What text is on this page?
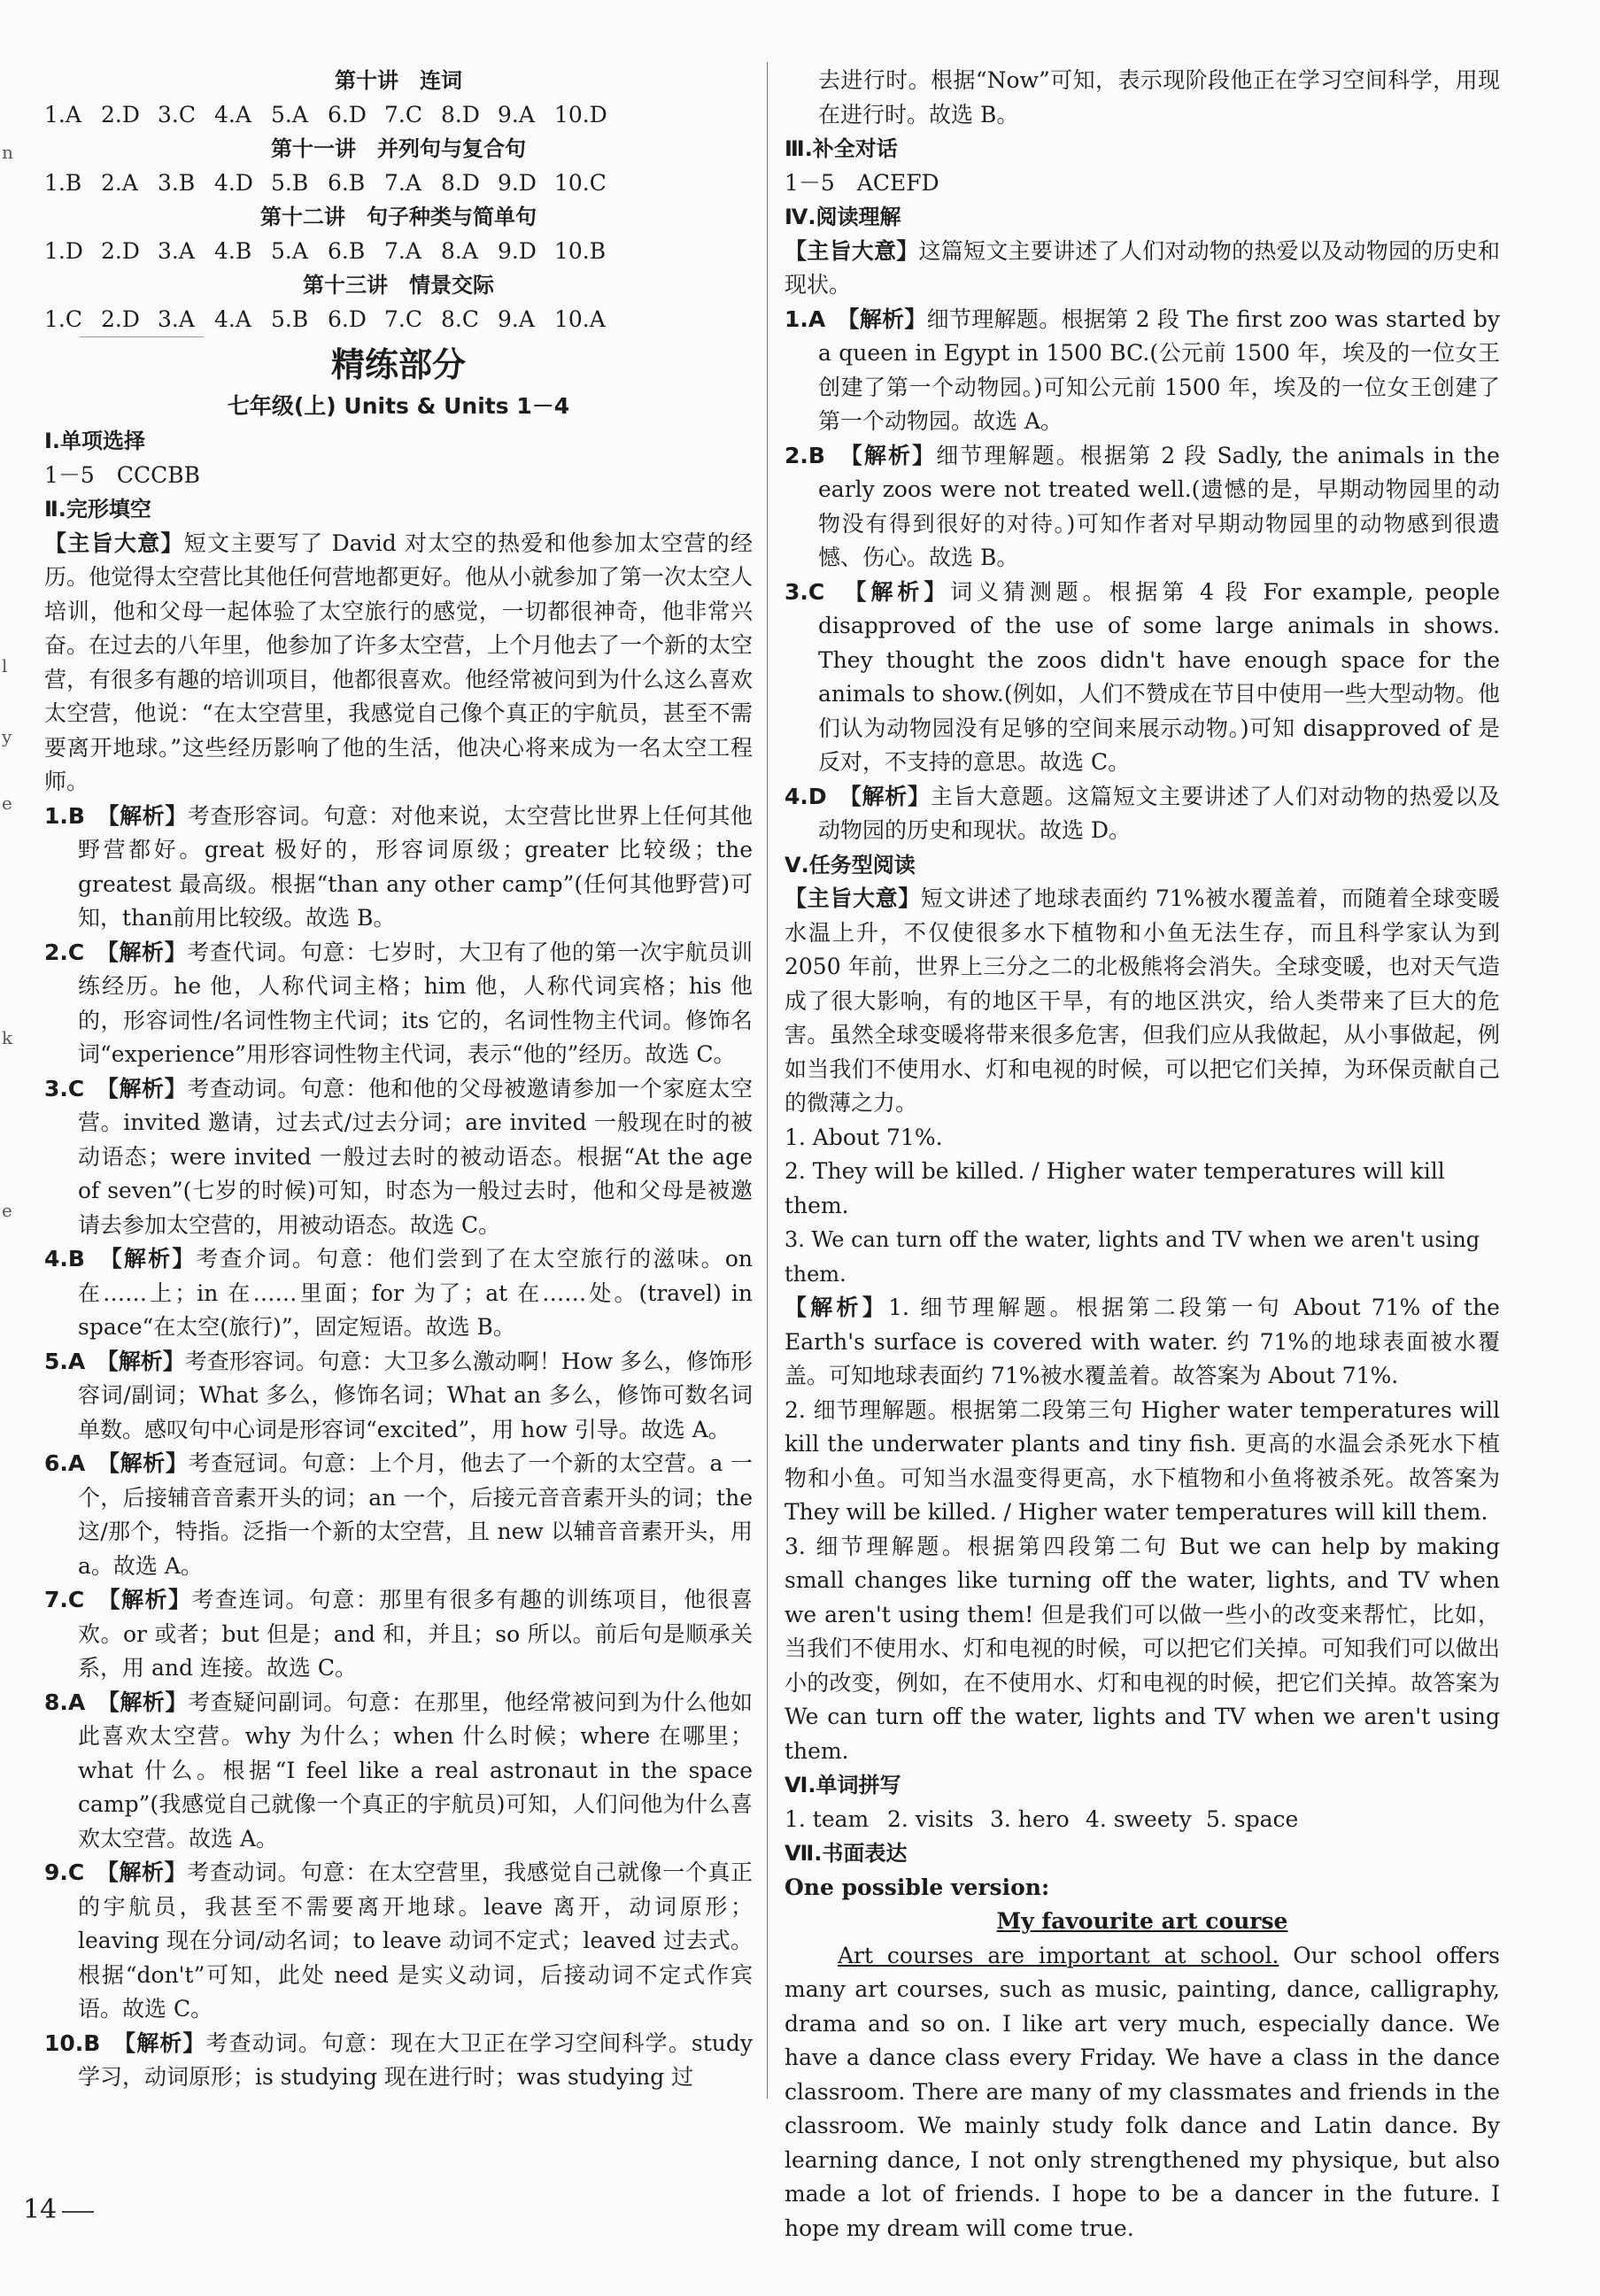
n
l
y
e
k
e

第十讲　连词

1.A 2.D 3.C 4.A 5.A 6.D 7.C 8.D 9.A 10.D

第十一讲　并列句与复合句

1.B 2.A 3.B 4.D 5.B 6.B 7.A 8.D 9.D 10.C

第十二讲　句子种类与简单句

1.D 2.D 3.A 4.B 5.A 6.B 7.A 8.A 9.D 10.B

第十三讲　情景交际

1.C 2.D 3.A 4.A 5.B 6.D 7.C 8.C 9.A 10.A

精练部分

七年级(上) Units & Units 1－4

Ⅰ.单项选择

1－5　CCCBB

Ⅱ.完形填空

【主旨大意】短文主要写了 David 对太空的热爱和他参加太空营的经历。他觉得太空营比其他任何营地都更好。他从小就参加了第一次太空人培训，他和父母一起体验了太空旅行的感觉，一切都很神奇，他非常兴奋。在过去的八年里，他参加了许多太空营，上个月他去了一个新的太空营，有很多有趣的培训项目，他都很喜欢。他经常被问到为什么这么喜欢太空营，他说：“在太空营里，我感觉自己像个真正的宇航员，甚至不需要离开地球。”这些经历影响了他的生活，他决心将来成为一名太空工程师。

1.B　 【解析】考查形容词。句意：对他来说，太空营比世界上任何其他野营都好。great 极好的，形容词原级；greater 比较级；the greatest 最高级。根据“than any other camp”(任何其他野营)可知，than前用比较级。故选 B。

2.C　 【解析】考查代词。句意：七岁时，大卫有了他的第一次宇航员训练经历。he 他，人称代词主格；him 他，人称代词宾格；his 他的，形容词性/名词性物主代词；its 它的，名词性物主代词。修饰名词“experience”用形容词性物主代词，表示“他的”经历。故选 C。

3.C　 【解析】考查动词。句意：他和他的父母被邀请参加一个家庭太空营。invited 邀请，过去式/过去分词；are invited 一般现在时的被动语态；were invited 一般过去时的被动语态。根据“At the age of seven”(七岁的时候)可知，时态为一般过去时，他和父母是被邀请去参加太空营的，用被动语态。故选 C。

4.B　 【解析】考查介词。句意：他们尝到了在太空旅行的滋味。on 在……上；in 在……里面；for 为了；at 在……处。(travel) in space“在太空(旅行)”，固定短语。故选 B。

5.A　 【解析】考查形容词。句意：大卫多么激动啊！How 多么，修饰形容词/副词；What 多么，修饰名词；What an 多么，修饰可数名词单数。感叹句中心词是形容词“excited”，用 how 引导。故选 A。

6.A　 【解析】考查冠词。句意：上个月，他去了一个新的太空营。a 一个，后接辅音音素开头的词；an 一个，后接元音音素开头的词；the 这/那个，特指。泛指一个新的太空营，且 new 以辅音音素开头，用 a。故选 A。

7.C　 【解析】考查连词。句意：那里有很多有趣的训练项目，他很喜欢。or 或者；but 但是；and 和，并且；so 所以。前后句是顺承关系，用 and 连接。故选 C。

8.A　 【解析】考查疑问副词。句意：在那里，他经常被问到为什么他如此喜欢太空营。why 为什么；when 什么时候；where 在哪里；what 什么。根据“I feel like a real astronaut in the space camp”(我感觉自己就像一个真正的宇航员)可知，人们问他为什么喜欢太空营。故选 A。

9.C　 【解析】考查动词。句意：在太空营里，我感觉自己就像一个真正的宇航员，我甚至不需要离开地球。leave 离开，动词原形；leaving 现在分词/动名词；to leave 动词不定式；leaved 过去式。根据“don't”可知，此处 need 是实义动词，后接动词不定式作宾语。故选 C。

10.B　 【解析】考查动词。句意：现在大卫正在学习空间科学。study 学习，动词原形；is studying 现在进行时；was studying 过

去进行时。根据“Now”可知，表示现阶段他正在学习空间科学，用现在进行时。故选 B。

Ⅲ.补全对话

1－5　ACEFD

Ⅳ.阅读理解

【主旨大意】这篇短文主要讲述了人们对动物的热爱以及动物园的历史和现状。

1.A　 【解析】细节理解题。根据第 2 段 The first zoo was started by a queen in Egypt in 1500 BC.(公元前 1500 年，埃及的一位女王创建了第一个动物园。)可知公元前 1500 年，埃及的一位女王创建了第一个动物园。故选 A。

2.B　 【解析】细节理解题。根据第 2 段 Sadly, the animals in the early zoos were not treated well.(遗憾的是，早期动物园里的动物没有得到很好的对待。)可知作者对早期动物园里的动物感到很遗憾、伤心。故选 B。

3.C　 【解析】词义猜测题。根据第 4 段 For example, people disapproved of the use of some large animals in shows. They thought the zoos didn't have enough space for the animals to show.(例如，人们不赞成在节目中使用一些大型动物。他们认为动物园没有足够的空间来展示动物。)可知 disapproved of 是反对，不支持的意思。故选 C。

4.D　 【解析】主旨大意题。这篇短文主要讲述了人们对动物的热爱以及动物园的历史和现状。故选 D。

Ⅴ.任务型阅读

【主旨大意】短文讲述了地球表面约 71%被水覆盖着，而随着全球变暖水温上升，不仅使很多水下植物和小鱼无法生存，而且科学家认为到 2050 年前，世界上三分之二的北极熊将会消失。全球变暖，也对天气造成了很大影响，有的地区干旱，有的地区洪灾，给人类带来了巨大的危害。虽然全球变暖将带来很多危害，但我们应从我做起，从小事做起，例如当我们不使用水、灯和电视的时候，可以把它们关掉，为环保贡献自己的微薄之力。

1. About 71%.

2. They will be killed. / Higher water temperatures will kill them.

3. We can turn off the water, lights and TV when we aren't using them.

【解析】1. 细节理解题。根据第二段第一句 About 71% of the Earth's surface is covered with water. 约 71%的地球表面被水覆盖。可知地球表面约 71%被水覆盖着。故答案为 About 71%.

2. 细节理解题。根据第二段第三句 Higher water temperatures will kill the underwater plants and tiny fish. 更高的水温会杀死水下植物和小鱼。可知当水温变得更高，水下植物和小鱼将被杀死。故答案为 They will be killed. / Higher water temperatures will kill them.

3. 细节理解题。根据第四段第二句 But we can help by making small changes like turning off the water, lights, and TV when we aren't using them! 但是我们可以做一些小的改变来帮忙，比如，当我们不使用水、灯和电视的时候，可以把它们关掉。可知我们可以做出小的改变，例如，在不使用水、灯和电视的时候，把它们关掉。故答案为 We can turn off the water, lights and TV when we aren't using them.

Ⅵ.单词拼写

1. team 2. visits 3. hero 4. sweety 5. space

Ⅶ.书面表达

One possible version:

My favourite art course

Art courses are important at school. Our school offers many art courses, such as music, painting, dance, calligraphy, drama and so on. I like art very much, especially dance. We have a dance class every Friday. We have a class in the dance classroom. There are many of my classmates and friends in the classroom. We mainly study folk dance and Latin dance. By learning dance, I not only strengthened my physique, but also made a lot of friends. I hope to be a dancer in the future. I hope my dream will come true.

14
